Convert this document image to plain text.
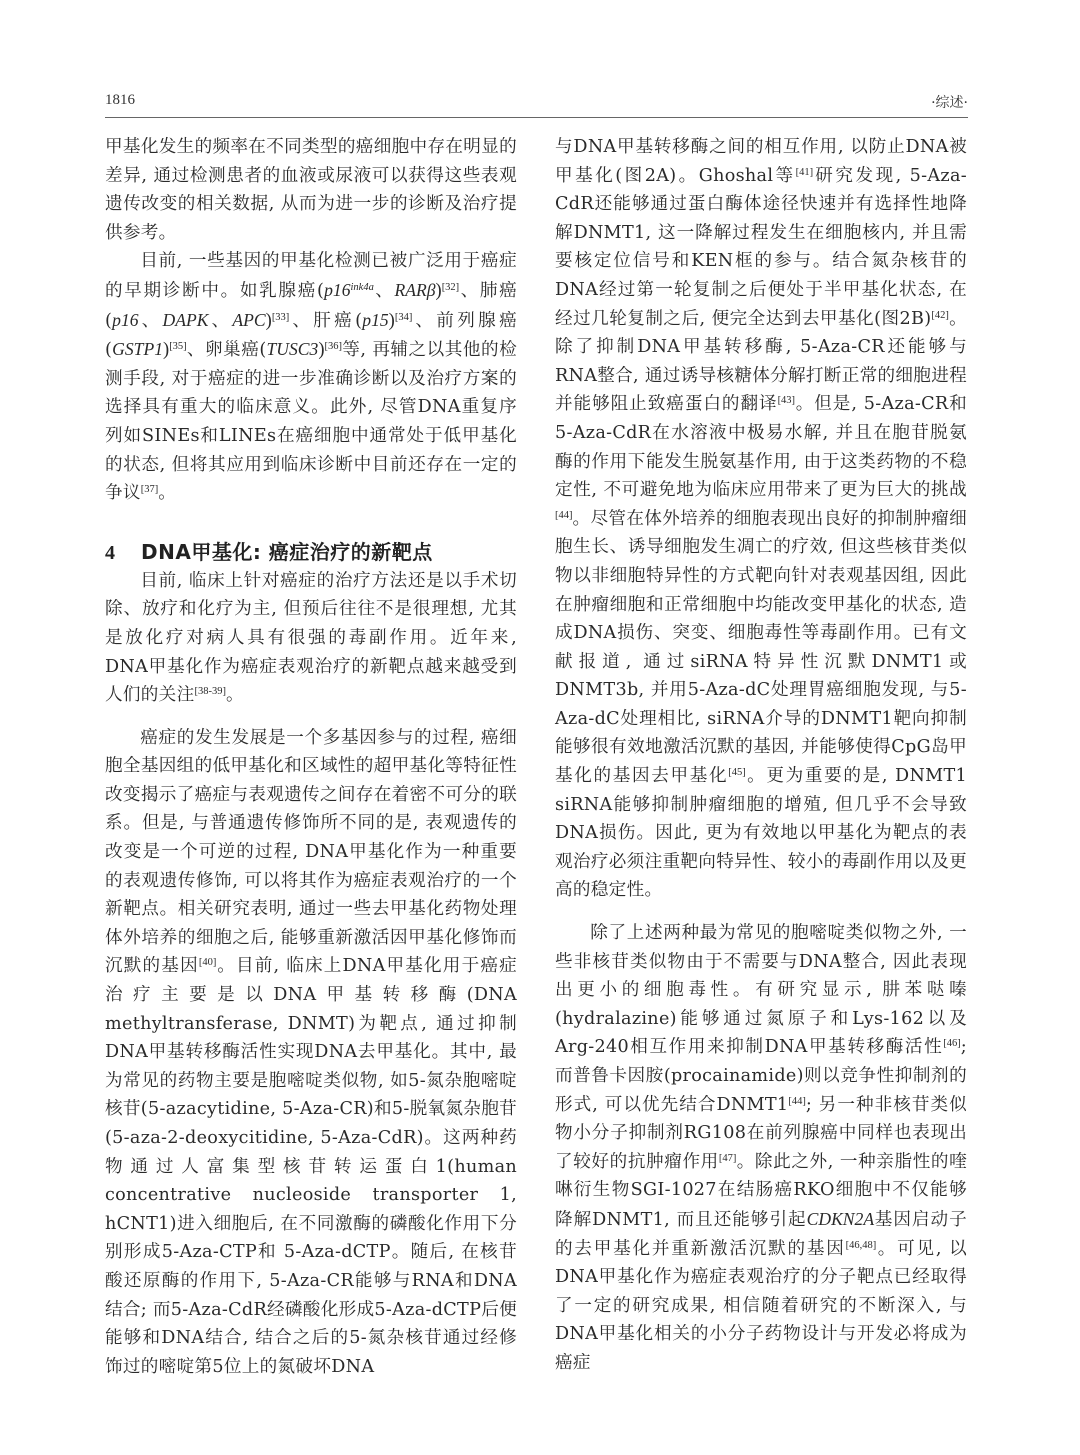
1816	·综述·

甲基化发生的频率在不同类型的癌细胞中存在明显的差异, 通过检测患者的血液或尿液可以获得这些表观遗传改变的相关数据, 从而为进一步的诊断及治疗提供参考。

目前, 一些基因的甲基化检测已被广泛用于癌症的早期诊断中。如乳腺癌($p16^{ink4a}$、RARβ)[32]、肺癌(p16、DAPK、APC)[33]、肝癌(p15)[34]、前列腺癌(GSTP1)[35]、卵巢癌(TUSC3)[36]等, 再辅之以其他的检测手段, 对于癌症的进一步准确诊断以及治疗方案的选择具有重大的临床意义。此外, 尽管DNA重复序列如SINEs和LINEs在癌细胞中通常处于低甲基化的状态, 但将其应用到临床诊断中目前还存在一定的争议[37]。

4 DNA甲基化: 癌症治疗的新靶点

目前, 临床上针对癌症的治疗方法还是以手术切除、放疗和化疗为主, 但预后往往不是很理想, 尤其是放化疗对病人具有很强的毒副作用。近年来, DNA甲基化作为癌症表观治疗的新靶点越来越受到人们的关注[38-39]。

癌症的发生发展是一个多基因参与的过程, 癌细胞全基因组的低甲基化和区域性的超甲基化等特征性改变揭示了癌症与表观遗传之间存在着密不可分的联系。但是, 与普通遗传修饰所不同的是, 表观遗传的改变是一个可逆的过程, DNA甲基化作为一种重要的表观遗传修饰, 可以将其作为癌症表观治疗的一个新靶点。相关研究表明, 通过一些去甲基化药物处理体外培养的细胞之后, 能够重新激活因甲基化修饰而沉默的基因[40]。目前, 临床上DNA甲基化用于癌症治疗主要是以DNA甲基转移酶(DNA methyltransferase, DNMT)为靶点, 通过抑制DNA甲基转移酶活性实现DNA去甲基化。其中, 最为常见的药物主要是胞嘧啶类似物, 如5-氮杂胞嘧啶核苷(5-azacytidine, 5-Aza-CR)和5-脱氧氮杂胞苷(5-aza-2-deoxycitidine, 5-Aza-CdR)。这两种药物通过人富集型核苷转运蛋白1(human concentrative nucleoside transporter 1, hCNT1)进入细胞后, 在不同激酶的磷酸化作用下分别形成5-Aza-CTP和 5-Aza-dCTP。随后, 在核苷酸还原酶的作用下, 5-Aza-CR能够与RNA和DNA结合; 而5-Aza-CdR经磷酸化形成5-Aza-dCTP后便能够和DNA结合, 结合之后的5-氮杂核苷通过经修饰过的嘧啶第5位上的氮破坏DNA

与DNA甲基转移酶之间的相互作用, 以防止DNA被甲基化(图2A)。Ghoshal等[41]研究发现, 5-Aza-CdR还能够通过蛋白酶体途径快速并有选择性地降解DNMT1, 这一降解过程发生在细胞核内, 并且需要核定位信号和KEN框的参与。结合氮杂核苷的DNA经过第一轮复制之后便处于半甲基化状态, 在经过几轮复制之后, 便完全达到去甲基化(图2B)[42]。除了抑制DNA甲基转移酶, 5-Aza-CR还能够与RNA整合, 通过诱导核糖体分解打断正常的细胞进程并能够阻止致癌蛋白的翻译[43]。但是, 5-Aza-CR和5-Aza-CdR在水溶液中极易水解, 并且在胞苷脱氨酶的作用下能发生脱氨基作用, 由于这类药物的不稳定性, 不可避免地为临床应用带来了更为巨大的挑战[44]。尽管在体外培养的细胞表现出良好的抑制肿瘤细胞生长、诱导细胞发生凋亡的疗效, 但这些核苷类似物以非细胞特异性的方式靶向针对表观基因组, 因此在肿瘤细胞和正常细胞中均能改变甲基化的状态, 造成DNA损伤、突变、细胞毒性等毒副作用。已有文献报道, 通过siRNA特异性沉默DNMT1或DNMT3b, 并用5-Aza-dC处理胃癌细胞发现, 与5-Aza-dC处理相比, siRNA介导的DNMT1靶向抑制能够很有效地激活沉默的基因, 并能够使得CpG岛甲基化的基因去甲基化[45]。更为重要的是, DNMT1 siRNA能够抑制肿瘤细胞的增殖, 但几乎不会导致DNA损伤。因此, 更为有效地以甲基化为靶点的表观治疗必须注重靶向特异性、较小的毒副作用以及更高的稳定性。

除了上述两种最为常见的胞嘧啶类似物之外, 一些非核苷类似物由于不需要与DNA整合, 因此表现出更小的细胞毒性。有研究显示, 肼苯哒嗪(hydralazine)能够通过氮原子和Lys-162以及Arg-240相互作用来抑制DNA甲基转移酶活性[46]; 而普鲁卡因胺(procainamide)则以竞争性抑制剂的形式, 可以优先结合DNMT1[44]; 另一种非核苷类似物小分子抑制剂RG108在前列腺癌中同样也表现出了较好的抗肿瘤作用[47]。除此之外, 一种亲脂性的喹啉衍生物SGI-1027在结肠癌RKO细胞中不仅能够降解DNMT1, 而且还能够引起CDKN2A基因启动子的去甲基化并重新激活沉默的基因[46,48]。可见, 以DNA甲基化作为癌症表观治疗的分子靶点已经取得了一定的研究成果, 相信随着研究的不断深入, 与DNA甲基化相关的小分子药物设计与开发必将成为癌症
